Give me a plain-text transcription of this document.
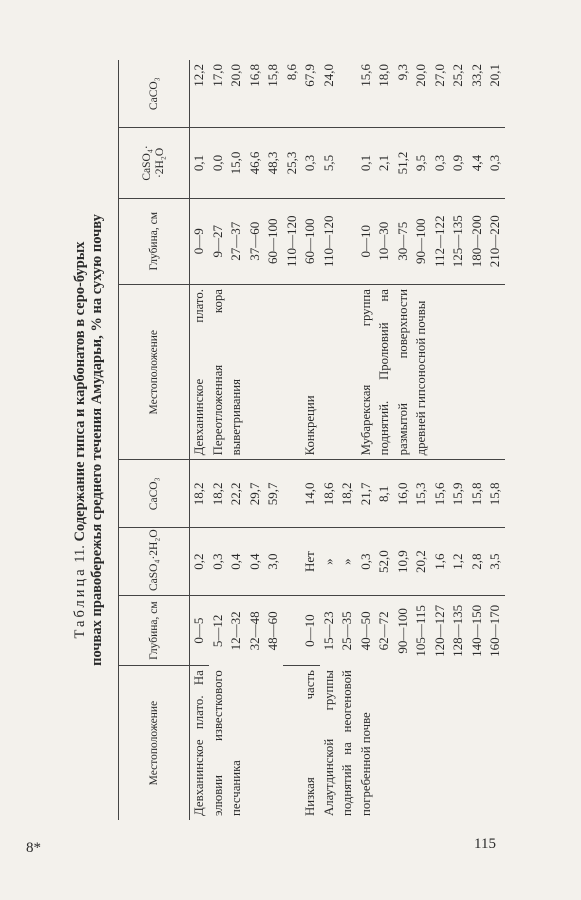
8*	115
Таблица 11. Содержание гипса и карбонатов в серо-бурых почвах правобережья среднего течения Амударьи, % на сухую почву
Местоположение	Глубина, см	CaSO₄·2H₂O	CaCO₃	Местоположение	Глубина, см	CaSO₄· ·2H₂O	CaCO₃
Девханинское плато. На элювии известкового песчаника	0—5	0,2	18,2	Девханинское плато. Переотложенная кора выветривания	0—9	0,1	12,2
	5—12	0,3	18,2		9—27	0,0	17,0
	12—32	0,4	22,2		27—37	15,0	20,0
	32—48	0,4	29,7		37—60	46,6	16,8
	48—60	3,0	59,7		60—100	48,3	15,8
					110—120	25,3	8,6
Низкая часть Алаутдинской группы поднятий на неогеновой погребенной почве	0—10	Нет	14,0	Конкреции	60—100	0,3	67,9
	15—23	»	18,6		110—120	5,5	24,0
	25—35	»	18,2				
	40—50	0,3	21,7	Мубарекская группа поднятий. Пролювий на размытой поверхности древней гипсоносной почвы	0—10	0,1	15,6
	62—72	52,0	8,1		10—30	2,1	18,0
	90—100	10,9	16,0		30—75	51,2	9,3
	105—115	20,2	15,3		90—100	9,5	20,0
	120—127	1,6	15,6		112—122	0,3	27,0
	128—135	1,2	15,9		125—135	0,9	25,2
	140—150	2,8	15,8		180—200	4,4	33,2
	160—170	3,5	15,8		210—220	0,3	20,1
